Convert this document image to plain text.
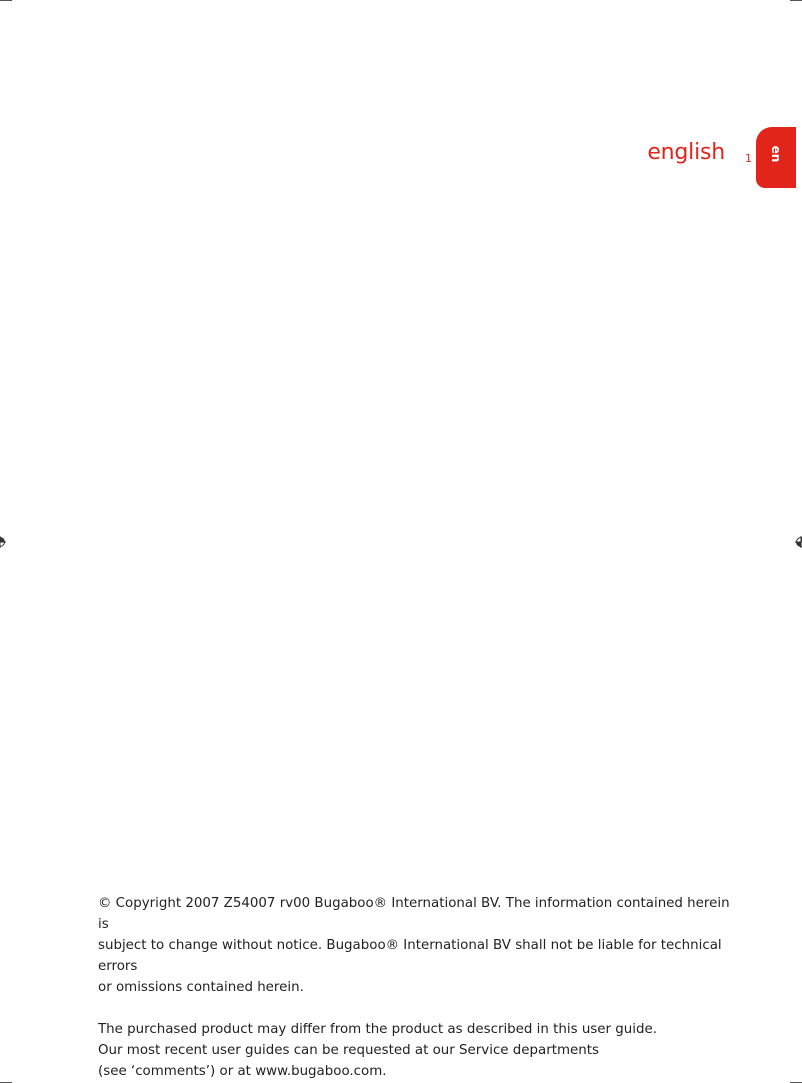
english 1 en

© Copyright 2007 Z54007 rv00 Bugaboo® International BV. The information contained herein is
subject to change without notice. Bugaboo® International BV shall not be liable for technical errors
or omissions contained herein.

The purchased product may differ from the product as described in this user guide.
Our most recent user guides can be requested at our Service departments
(see ‘comments’) or at www.bugaboo.com.
